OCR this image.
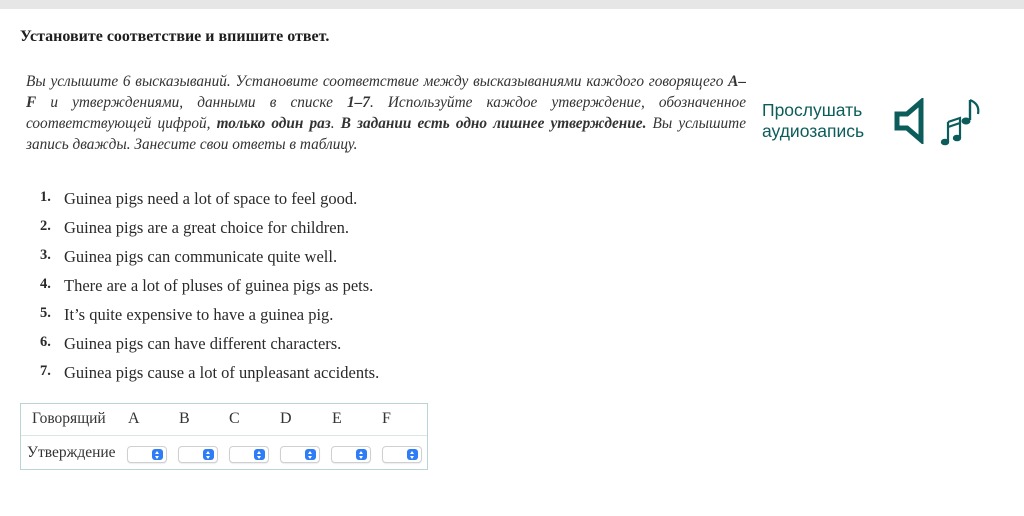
Установите соответствие и впишите ответ.
Вы услышите 6 высказываний. Установите соответствие между высказываниями каждого говорящего A–F и утверждениями, данными в списке 1–7. Используйте каждое утверждение, обозначенное соответствующей цифрой, только один раз. В задании есть одно лишнее утверждение. Вы услышите запись дважды. Занесите свои ответы в таблицу.
Прослушать аудиозапись
1. Guinea pigs need a lot of space to feel good.
2. Guinea pigs are a great choice for children.
3. Guinea pigs can communicate quite well.
4. There are a lot of pluses of guinea pigs as pets.
5. It’s quite expensive to have a guinea pig.
6. Guinea pigs can have different characters.
7. Guinea pigs cause a lot of unpleasant accidents.
Говорящий A B C	D	E	F
Утверждение
